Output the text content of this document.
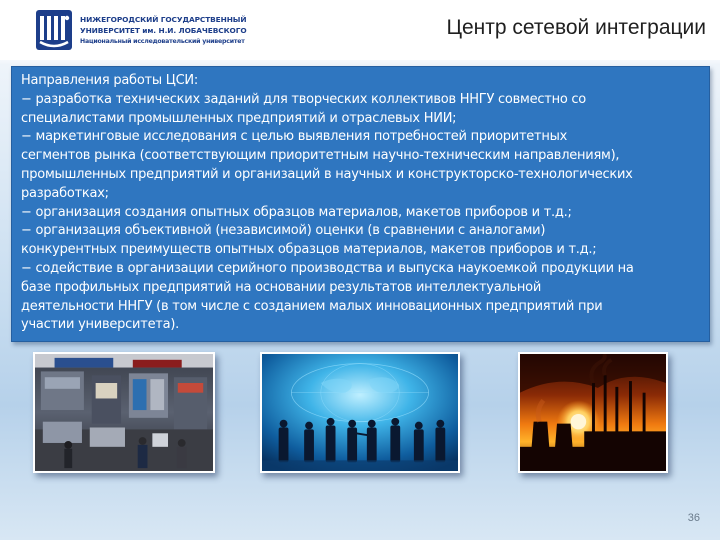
НИЖЕГОРОДСКИЙ ГОСУДАРСТВЕННЫЙ
УНИВЕРСИТЕТ им. Н.И. ЛОБАЧЕВСКОГО
Национальный исследовательский университет
Центр сетевой интеграции
Направления работы ЦСИ:
− разработка технических заданий для творческих коллективов ННГУ совместно со
специалистами промышленных предприятий и отраслевых НИИ;
− маркетинговые исследования с целью выявления потребностей приоритетных
сегментов рынка (соответствующим приоритетным научно-техническим направлениям),
промышленных предприятий и организаций в научных и конструкторско-технологических
разработках;
− организация создания опытных образцов материалов, макетов приборов и т.д.;
− организация объективной (независимой) оценки (в сравнении с аналогами)
конкурентных преимуществ опытных образцов материалов, макетов приборов и т.д.;
− содействие в организации серийного производства и выпуска наукоемкой продукции на
базе профильных предприятий на основании результатов интеллектуальной
деятельности ННГУ (в том числе с созданием малых инновационных предприятий при
участии университета).
36
